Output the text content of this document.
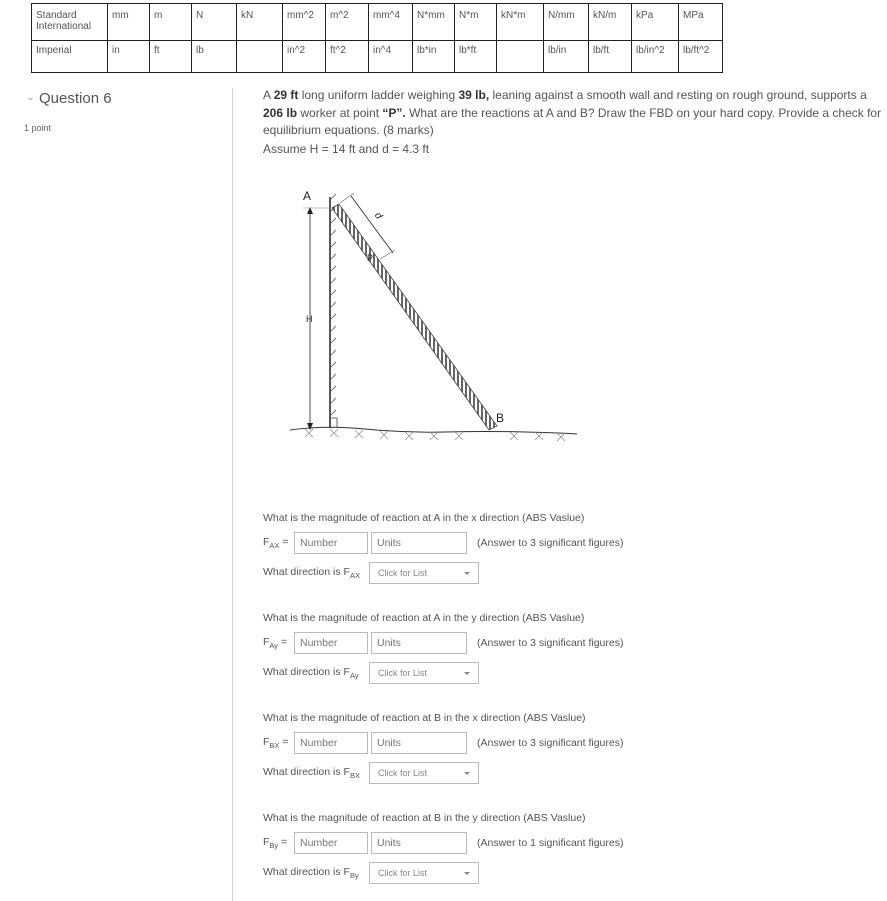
Standard
International	mm	m	N	kN	mm^2	m^2	mm^4	N*mm	N*m	kN*m	N/mm	kN/m	kPa	MPa
Imperial	in	ft	lb		in^2	ft^2	in^4	lb*in	lb*ft		lb/in	lb/ft	lb/in^2	lb/ft^2
- Question 6
1 point
A 29 ft long uniform ladder weighing 39 lb, leaning against a smooth wall and resting on rough ground, supports a 206 lb worker at point “P”. What are the reactions at A and B? Draw the FBD on your hard copy. Provide a check for equilibrium equations. (8 marks)
Assume H = 14 ft and d = 4.3 ft
A
H
P
d
B
What is the magnitude of reaction at A in the x direction (ABS Vaslue)
$F_{AX}$ =
Number
Units	(Answer to 3 significant figures)
What direction is $F_{AX}$	Click for List
What is the magnitude of reaction at A in the y direction (ABS Vaslue)
$F_{Ay}$ =
Number
Units	(Answer to 3 significant figures)
What direction is $F_{Ay}$	Click for List
What is the magnitude of reaction at B in the x direction (ABS Vaslue)
$F_{BX}$ =
Number
Units	(Answer to 3 significant figures)
What direction is $F_{BX}$	Click for List
What is the magnitude of reaction at B in the y direction (ABS Vaslue)
$F_{By}$ =
Number
Units	(Answer to 1 significant figures)
What direction is $F_{By}$	Click for List
